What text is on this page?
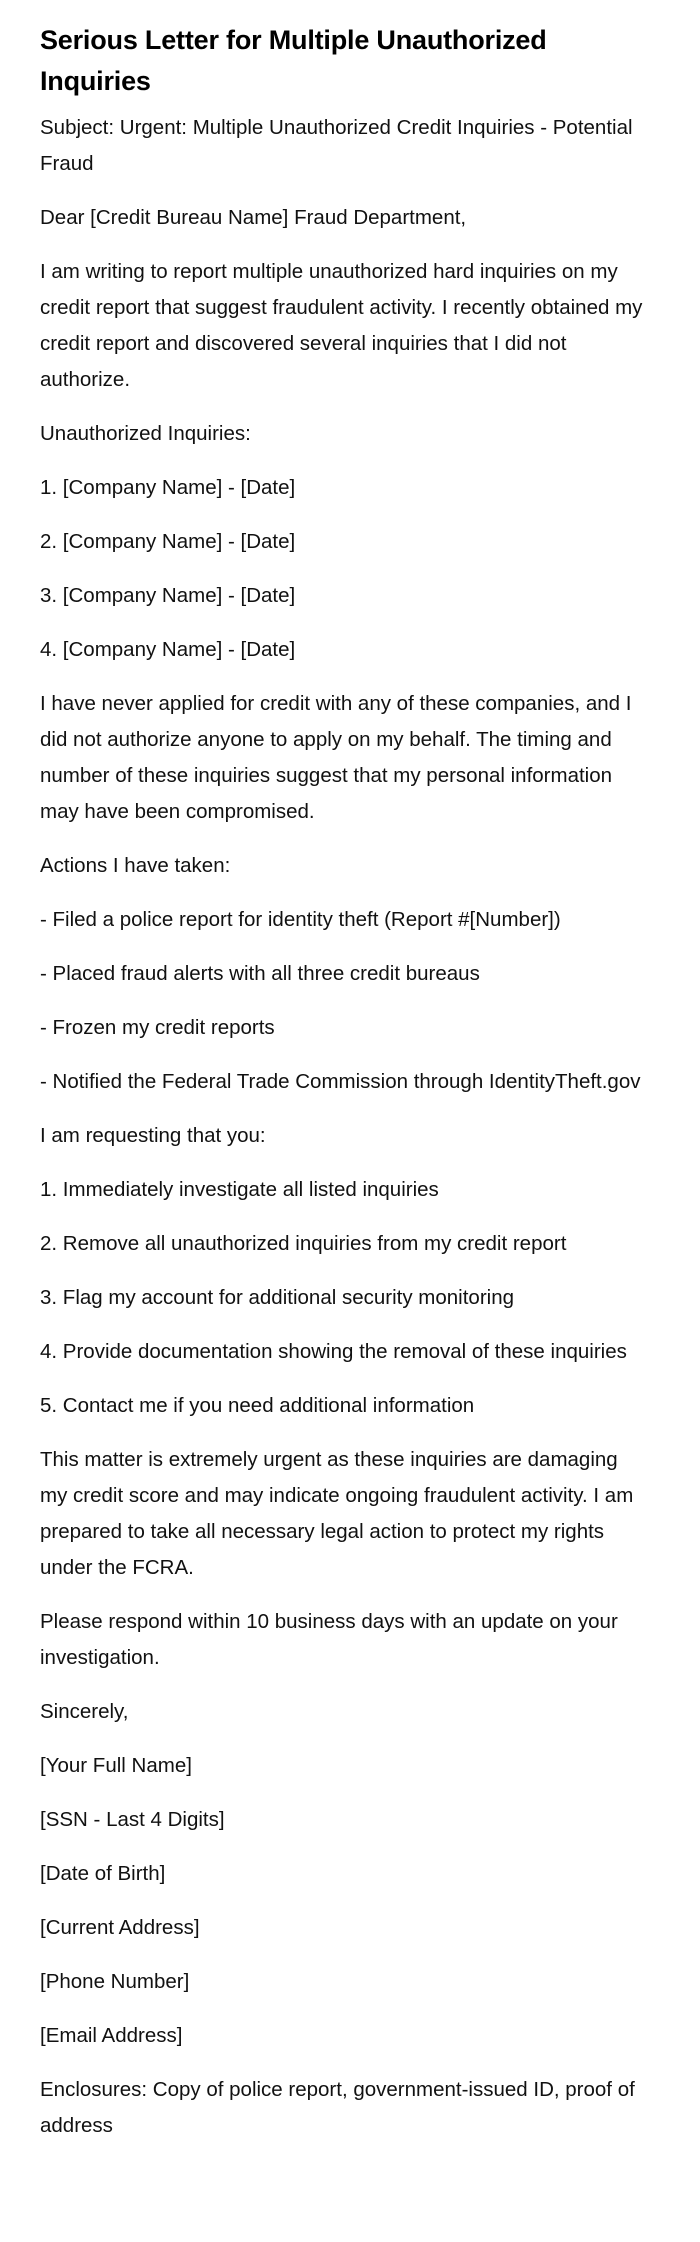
Serious Letter for Multiple Unauthorized Inquiries

Subject: Urgent: Multiple Unauthorized Credit Inquiries - Potential Fraud

Dear [Credit Bureau Name] Fraud Department,

I am writing to report multiple unauthorized hard inquiries on my credit report that suggest fraudulent activity. I recently obtained my credit report and discovered several inquiries that I did not authorize.

Unauthorized Inquiries:

1. [Company Name] - [Date]

2. [Company Name] - [Date]

3. [Company Name] - [Date]

4. [Company Name] - [Date]

I have never applied for credit with any of these companies, and I did not authorize anyone to apply on my behalf. The timing and number of these inquiries suggest that my personal information may have been compromised.

Actions I have taken:

- Filed a police report for identity theft (Report #[Number])

- Placed fraud alerts with all three credit bureaus

- Frozen my credit reports

- Notified the Federal Trade Commission through IdentityTheft.gov

I am requesting that you:

1. Immediately investigate all listed inquiries

2. Remove all unauthorized inquiries from my credit report

3. Flag my account for additional security monitoring

4. Provide documentation showing the removal of these inquiries

5. Contact me if you need additional information

This matter is extremely urgent as these inquiries are damaging my credit score and may indicate ongoing fraudulent activity. I am prepared to take all necessary legal action to protect my rights under the FCRA.

Please respond within 10 business days with an update on your investigation.

Sincerely,

[Your Full Name]

[SSN - Last 4 Digits]

[Date of Birth]

[Current Address]

[Phone Number]

[Email Address]

Enclosures: Copy of police report, government-issued ID, proof of address
